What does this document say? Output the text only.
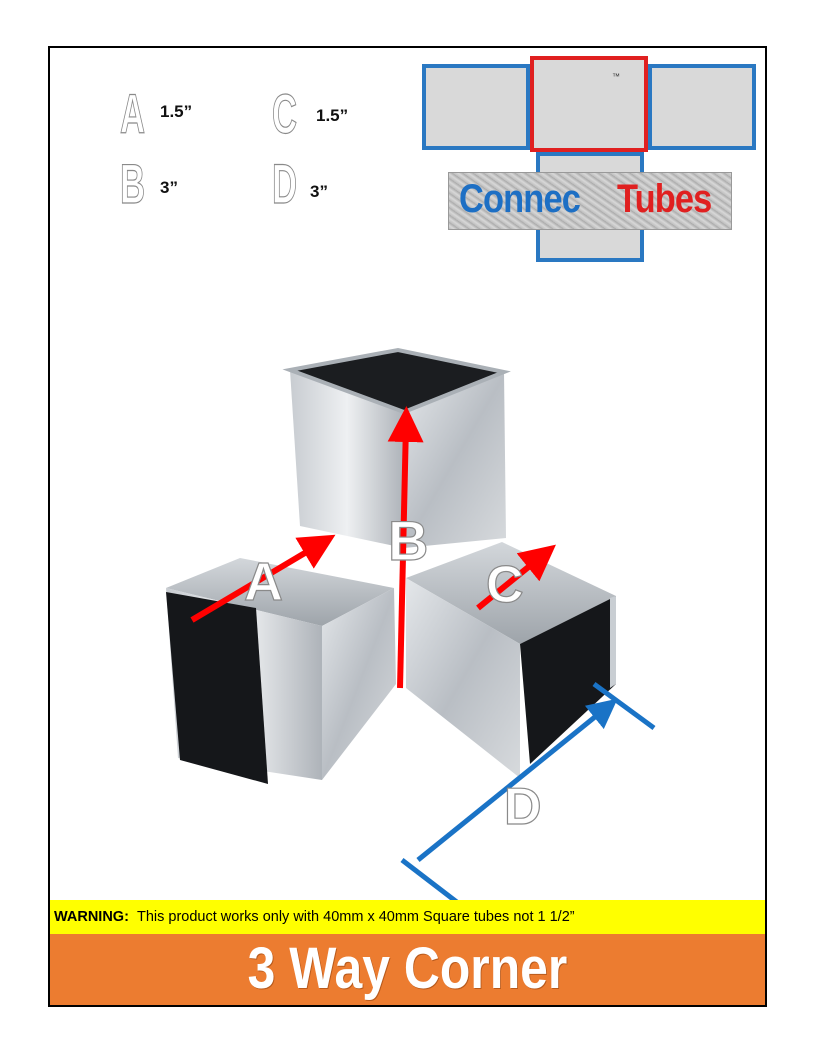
A 1.5”
B 3”
C 1.5”
D 3”
™
Connec Tubes
A
B
C
D
WARNING: This product works only with 40mm x 40mm Square tubes not 1 1/2”
3 Way Corner
